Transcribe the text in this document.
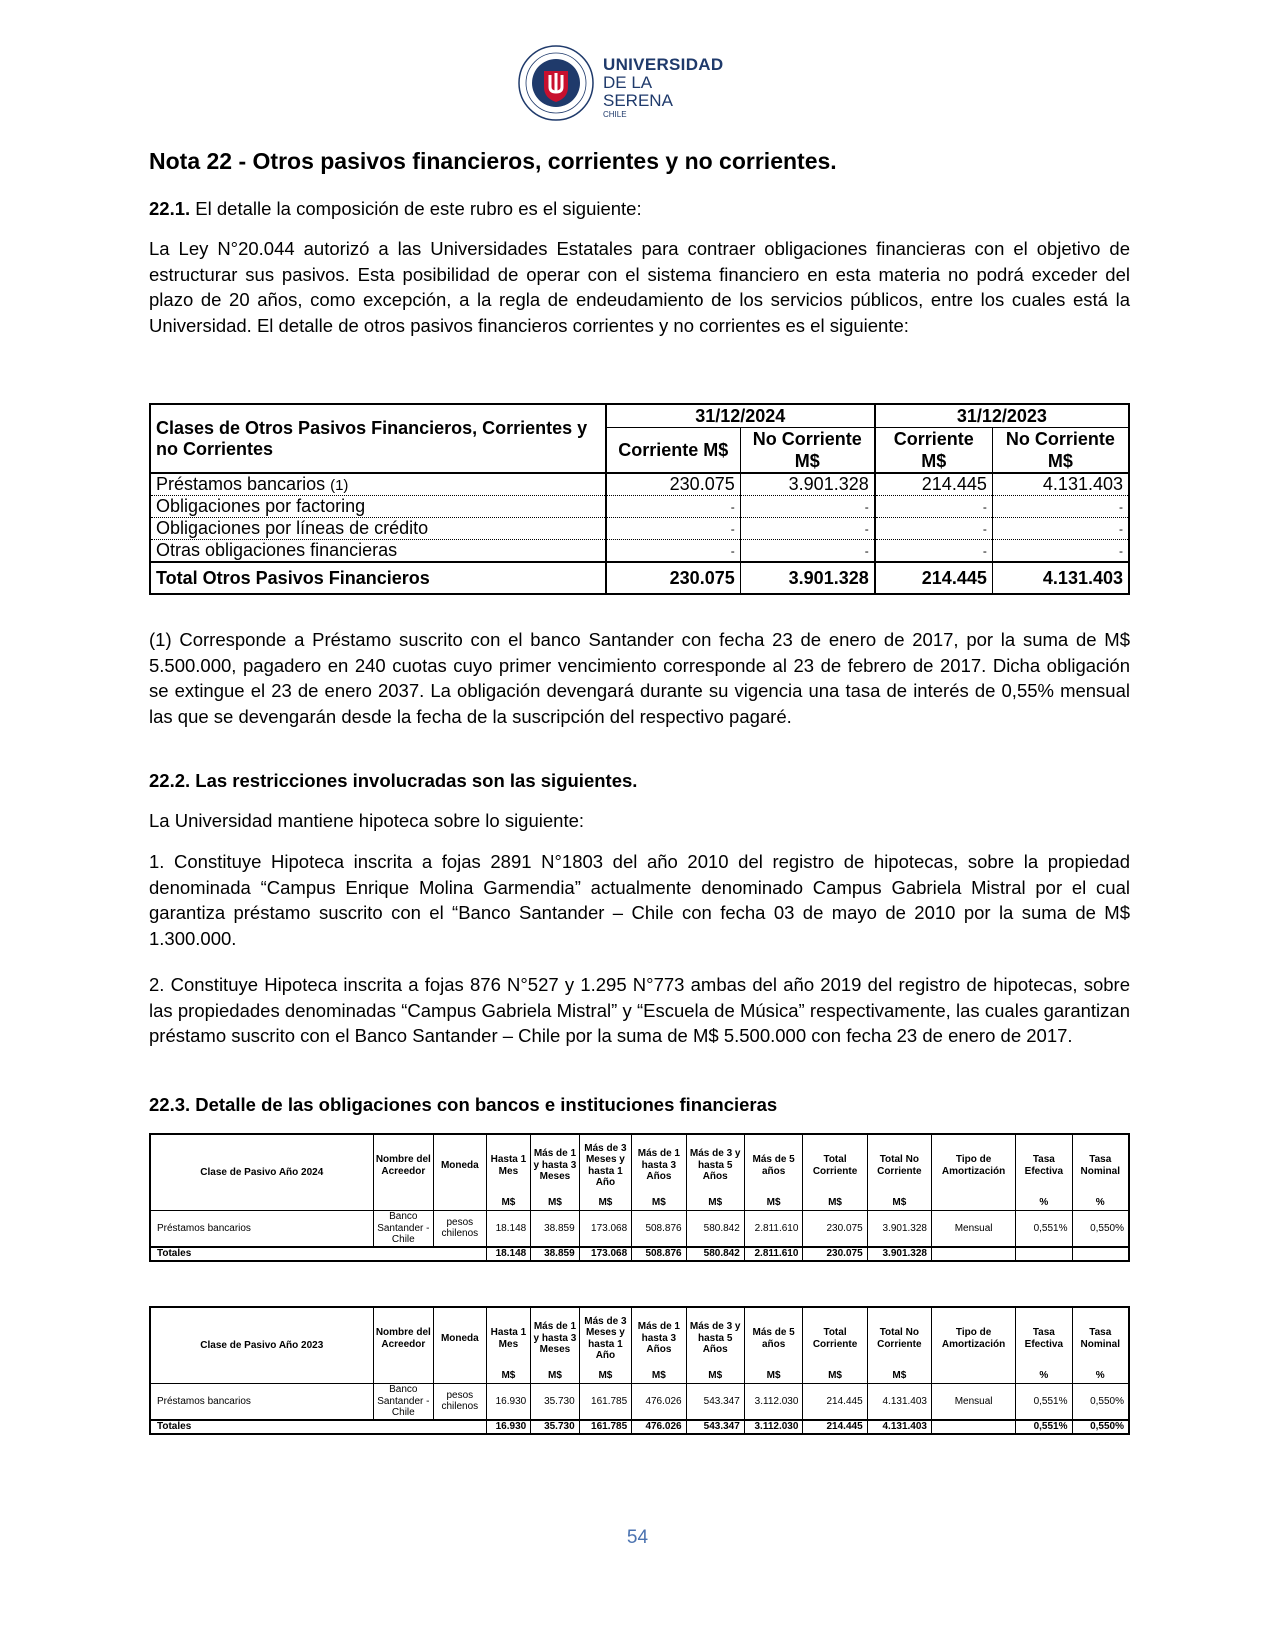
UNIVERSIDAD
DE LA SERENA
CHILE
Nota 22 - Otros pasivos financieros, corrientes y no corrientes.

22.1. El detalle la composición de este rubro es el siguiente:

La Ley N°20.044 autorizó a las Universidades Estatales para contraer obligaciones financieras con el objetivo de estructurar sus pasivos. Esta posibilidad de operar con el sistema financiero en esta materia no podrá exceder del plazo de 20 años, como excepción, a la regla de endeudamiento de los servicios públicos, entre los cuales está la Universidad. El detalle de otros pasivos financieros corrientes y no corrientes es el siguiente:

Clases de Otros Pasivos Financieros, Corrientes y no Corrientes	31/12/2024		31/12/2023	
	Corriente M$	No Corriente M$	Corriente M$	No Corriente M$

Préstamos bancarios (1)	230.075	3.901.328	214.445	4.131.403
Obligaciones por factoring	-	-	-	-
Obligaciones por líneas de crédito	-	-	-	-
Otras obligaciones financieras	-	-	-	-
Total Otros Pasivos Financieros	230.075	3.901.328	214.445	4.131.403

(1) Corresponde a Préstamo suscrito con el banco Santander con fecha 23 de enero de 2017, por la suma de M$ 5.500.000, pagadero en 240 cuotas cuyo primer vencimiento corresponde al 23 de febrero de 2017. Dicha obligación se extingue el 23 de enero 2037. La obligación devengará durante su vigencia una tasa de interés de 0,55% mensual las que se devengarán desde la fecha de la suscripción del respectivo pagaré.

22.2. Las restricciones involucradas son las siguientes.

La Universidad mantiene hipoteca sobre lo siguiente:

1. Constituye Hipoteca inscrita a fojas 2891 N°1803 del año 2010 del registro de hipotecas, sobre la propiedad denominada “Campus Enrique Molina Garmendia” actualmente denominado Campus Gabriela Mistral por el cual garantiza préstamo suscrito con el “Banco Santander – Chile con fecha 03 de mayo de 2010 por la suma de M$ 1.300.000.

2. Constituye Hipoteca inscrita a fojas 876 N°527 y 1.295 N°773 ambas del año 2019 del registro de hipotecas, sobre las propiedades denominadas “Campus Gabriela Mistral” y “Escuela de Música” respectivamente, las cuales garantizan préstamo suscrito con el Banco Santander – Chile por la suma de M$ 5.500.000 con fecha 23 de enero de 2017.

22.3. Detalle de las obligaciones con bancos e instituciones financieras

Clase de Pasivo Año 2024	Nombre del Acreedor	Moneda	Hasta 1 Mes	Más de 1 y hasta 3 Meses	Más de 3 Meses y hasta 1 Año	Más de 1 hasta 3 Años	Más de 3 y hasta 5 Años	Más de 5 años	Total Corriente	Total No Corriente	Tipo de Amortización	Tasa Efectiva	Tasa Nominal
			M$	M$	M$	M$	M$	M$	M$	M$		%	%
Préstamos bancarios	Banco Santander - Chile	pesos chilenos	18.148	38.859	173.068	508.876	580.842	2.811.610	230.075	3.901.328	Mensual	0,551%	0,550%
Totales			18.148	38.859	173.068	508.876	580.842	2.811.610	230.075	3.901.328			
Clase de Pasivo Año 2023	Nombre del Acreedor	Moneda	Hasta 1 Mes	Más de 1 y hasta 3 Meses	Más de 3 Meses y hasta 1 Año	Más de 1 hasta 3 Años	Más de 3 y hasta 5 Años	Más de 5 años	Total Corriente	Total No Corriente	Tipo de Amortización	Tasa Efectiva	Tasa Nominal
			M$	M$	M$	M$	M$	M$	M$	M$		%	%
Préstamos bancarios	Banco Santander - Chile	pesos chilenos	16.930	35.730	161.785	476.026	543.347	3.112.030	214.445	4.131.403	Mensual	0,551%	0,550%
Totales			16.930	35.730	161.785	476.026	543.347	3.112.030	214.445	4.131.403		0,551%	0,550%
54
